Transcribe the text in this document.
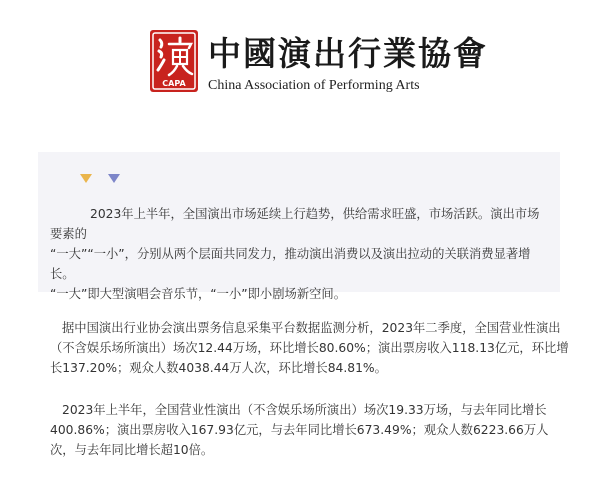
CAPA
中國演出行業協會
China Association of Performing Arts

2023年上半年，全国演出市场延续上行趋势，供给需求旺盛，市场活跃。演出市场要素的

“一大”“一小”，分别从两个层面共同发力，推动演出消费以及演出拉动的关联消费显著增长。

“一大”即大型演唱会音乐节，“一小”即小剧场新空间。

据中国演出行业协会演出票务信息采集平台数据监测分析，2023年二季度，全国营业性演出（不含娱乐场所演出）场次12.44万场，环比增长80.60%；演出票房收入118.13亿元，环比增长137.20%；观众人数4038.44万人次，环比增长84.81%。

2023年上半年，全国营业性演出（不含娱乐场所演出）场次19.33万场，与去年同比增长400.86%；演出票房收入167.93亿元，与去年同比增长673.49%；观众人数6223.66万人次，与去年同比增长超10倍。
